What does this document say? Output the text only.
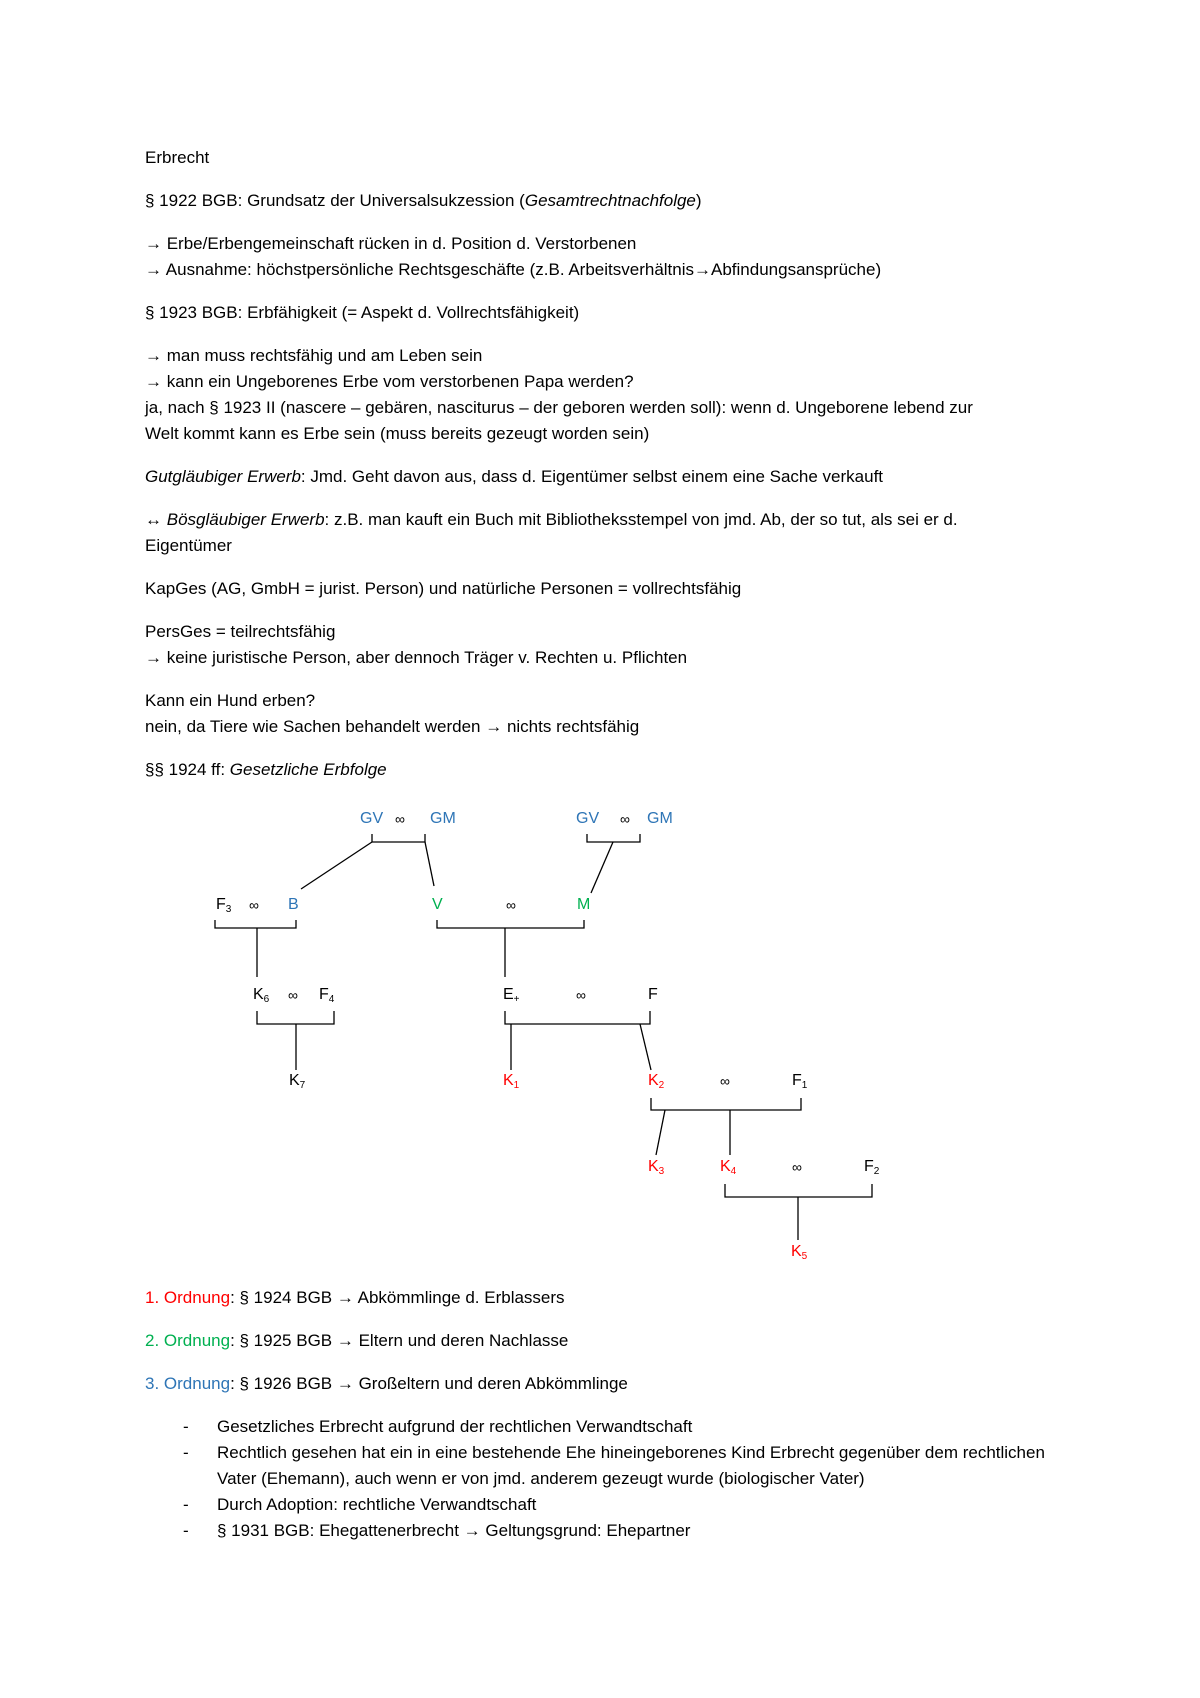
Erbrecht

§ 1922 BGB: Grundsatz der Universalsukzession (Gesamtrechtnachfolge)

→ Erbe/Erbengemeinschaft rücken in d. Position d. Verstorbenen
→ Ausnahme: höchstpersönliche Rechtsgeschäfte (z.B. Arbeitsverhältnis→Abfindungsansprüche)

§ 1923 BGB: Erbfähigkeit (= Aspekt d. Vollrechtsfähigkeit)

→ man muss rechtsfähig und am Leben sein
→ kann ein Ungeborenes Erbe vom verstorbenen Papa werden?
ja, nach § 1923 II (nascere – gebären, nasciturus – der geboren werden soll): wenn d. Ungeborene lebend zur
Welt kommt kann es Erbe sein (muss bereits gezeugt worden sein)

Gutgläubiger Erwerb: Jmd. Geht davon aus, dass d. Eigentümer selbst einem eine Sache verkauft

↔ Bösgläubiger Erwerb: z.B. man kauft ein Buch mit Bibliotheksstempel von jmd. Ab, der so tut, als sei er d.
Eigentümer

KapGes (AG, GmbH = jurist. Person) und natürliche Personen = vollrechtsfähig

PersGes = teilrechtsfähig
→ keine juristische Person, aber dennoch Träger v. Rechten u. Pflichten

Kann ein Hund erben?
nein, da Tiere wie Sachen behandelt werden → nichts rechtsfähig

§§ 1924 ff: Gesetzliche Erbfolge

GV ∞ GM	GV ∞ GM
$F_3$ ∞ B	V	∞	M
$K_6$ ∞ $F_4$	$E_+$	∞	F
$K_7$	$K_1$	$K_2$	∞	$F_1$
$K_3$	$K_4$	∞	$F_2$
$K_5$

1. Ordnung: § 1924 BGB → Abkömmlinge d. Erblassers

2. Ordnung: § 1925 BGB → Eltern und deren Nachlasse

3. Ordnung: § 1926 BGB → Großeltern und deren Abkömmlinge

- Gesetzliches Erbrecht aufgrund der rechtlichen Verwandtschaft
- Rechtlich gesehen hat ein in eine bestehende Ehe hineingeborenes Kind Erbrecht gegenüber dem rechtlichen Vater (Ehemann), auch wenn er von jmd. anderem gezeugt wurde (biologischer Vater)
- Durch Adoption: rechtliche Verwandtschaft
- § 1931 BGB: Ehegattenerbrecht → Geltungsgrund: Ehepartner
